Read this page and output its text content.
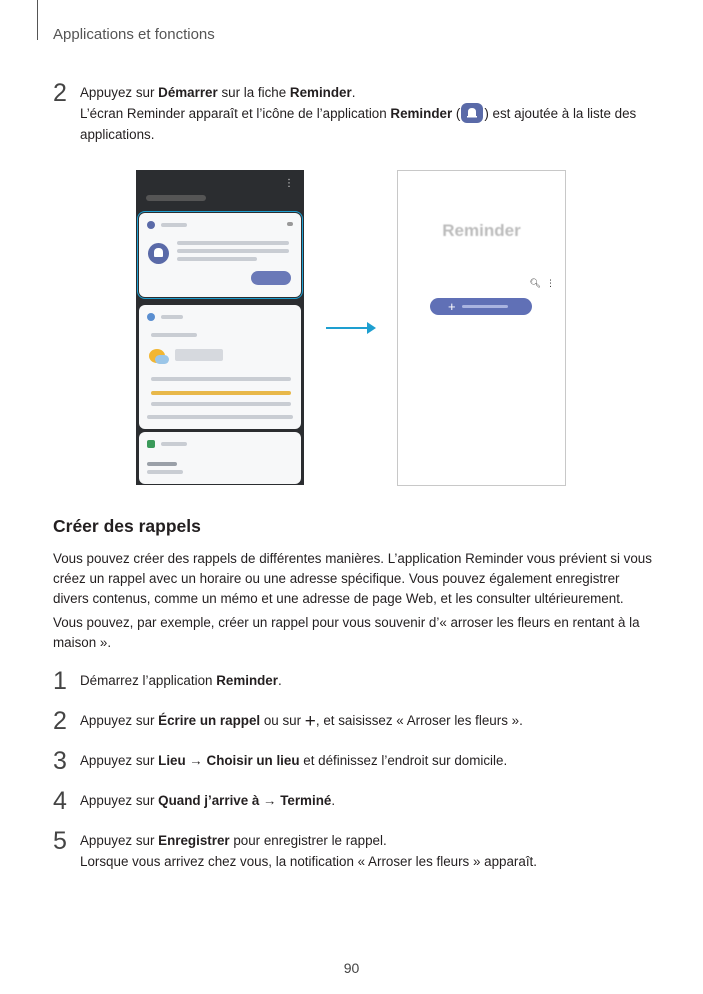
Applications et fonctions
2 Appuyez sur Démarrer sur la fiche Reminder.
L’écran Reminder apparaît et l’icône de l’application Reminder ( ) est ajoutée à la liste des
applications.
⋮
Reminder
🔍︎ ⋮
+
Créer des rappels
Vous pouvez créer des rappels de différentes manières. L’application Reminder vous prévient si vous créez un rappel avec un horaire ou une adresse spécifique. Vous pouvez également enregistrer divers contenus, comme un mémo et une adresse de page Web, et les consulter ultérieurement.
Vous pouvez, par exemple, créer un rappel pour vous souvenir d’« arroser les fleurs en rentant à la maison ».
1 Démarrez l’application Reminder.
2 Appuyez sur Écrire un rappel ou sur +, et saisissez « Arroser les fleurs ».
3 Appuyez sur Lieu → Choisir un lieu et définissez l’endroit sur domicile.
4 Appuyez sur Quand j’arrive à → Terminé.
5 Appuyez sur Enregistrer pour enregistrer le rappel.
Lorsque vous arrivez chez vous, la notification « Arroser les fleurs » apparaît.
90
